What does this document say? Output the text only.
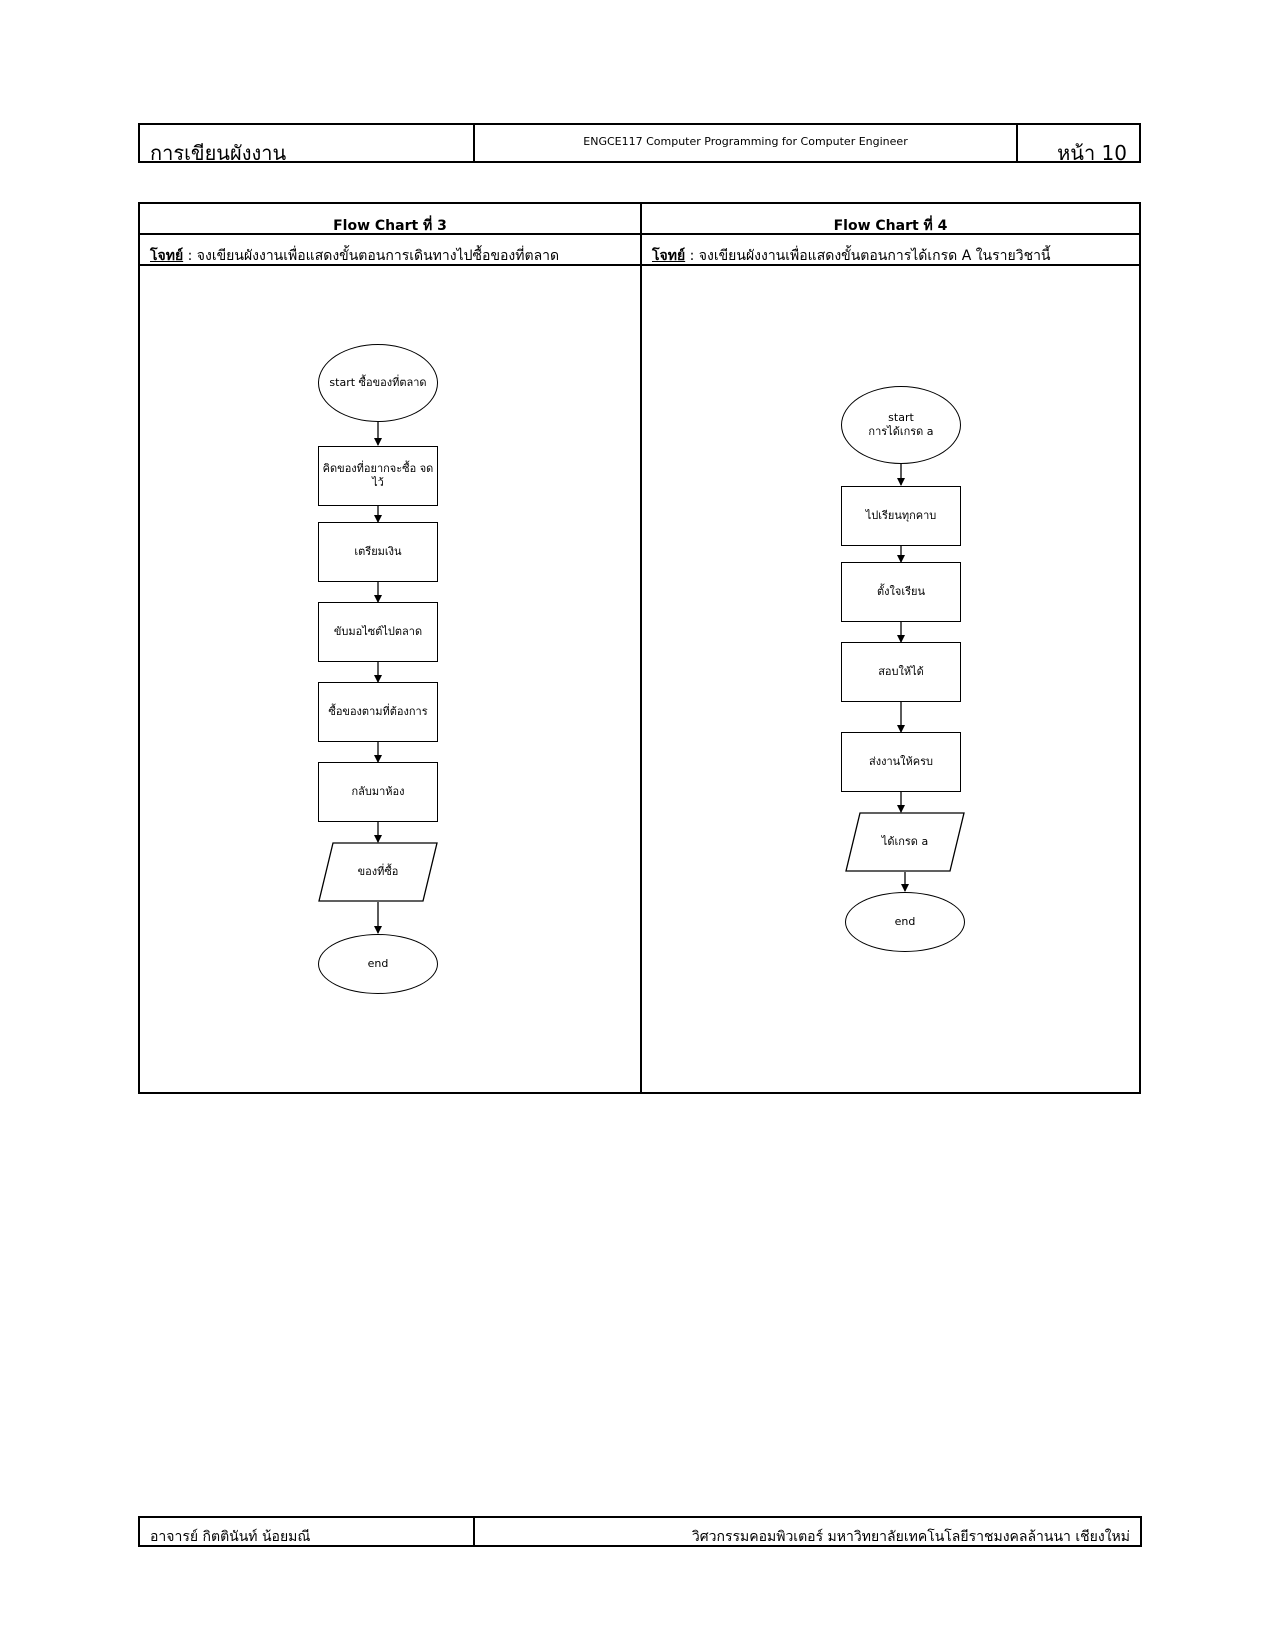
การเขียนผังงาน	ENGCE117 Computer Programming for Computer Engineer	หน้า 10
Flow Chart ที่ 3
โจทย์ : จงเขียนผังงานเพื่อแสดงขั้นตอนการเดินทางไปซื้อของที่ตลาด
start ซื้อของที่ตลาด
คิดของที่อยากจะซื้อ จดไว้
เตรียมเงิน
ขับมอไซต์ไปตลาด
ซื้อของตามที่ต้องการ
กลับมาห้อง
ของที่ซื้อ
end
Flow Chart ที่ 4
โจทย์ : จงเขียนผังงานเพื่อแสดงขั้นตอนการได้เกรด A ในรายวิชานี้
start
การได้เกรด a
ไปเรียนทุกคาบ
ตั้งใจเรียน
สอบให้ได้
ส่งงานให้ครบ
ได้เกรด a
end
อาจารย์ กิตตินันท์ น้อยมณี	วิศวกรรมคอมพิวเตอร์ มหาวิทยาลัยเทคโนโลยีราชมงคลล้านนา เชียงใหม่
